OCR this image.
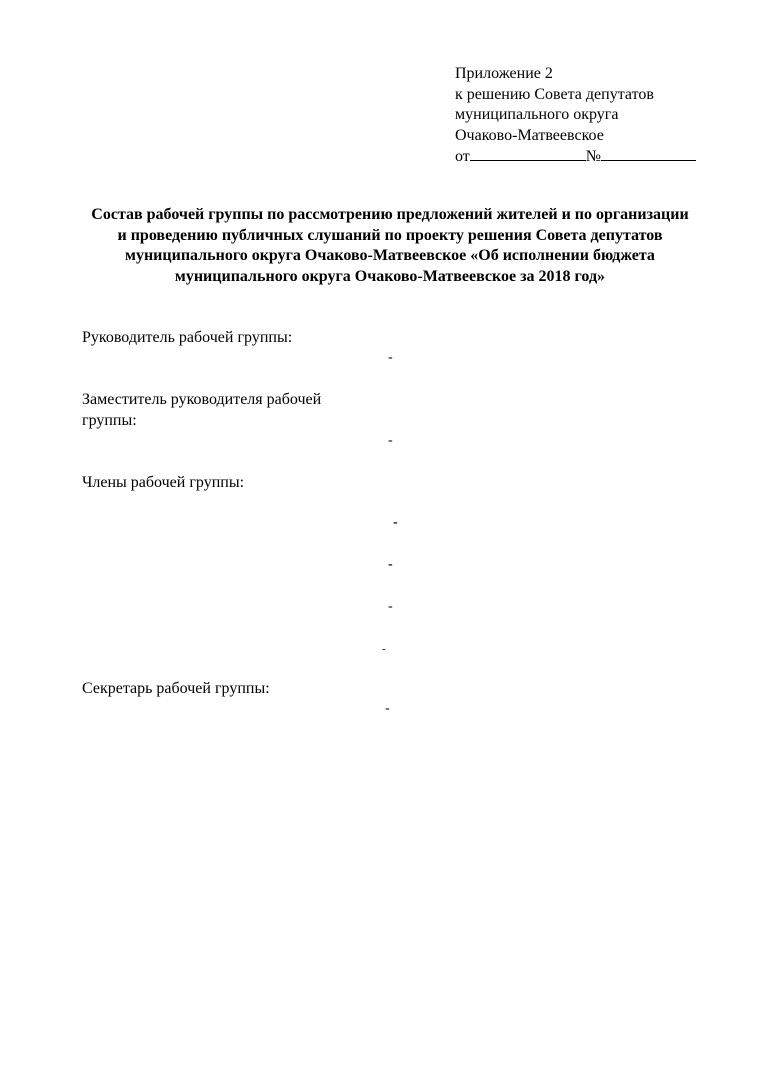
Приложение 2
к решению Совета депутатов
муниципального округа
Очаково-Матвеевское
от	№
Состав рабочей группы по рассмотрению предложений жителей и по организации и проведению публичных слушаний по проекту решения Совета депутатов муниципального округа Очаково-Матвеевское «Об исполнении бюджета муниципального округа Очаково-Матвеевское за 2018 год»
Руководитель рабочей группы:
-
Заместитель руководителя рабочей группы:
-
Члены рабочей группы:
-
-
-
-
Секретарь рабочей группы:
-
